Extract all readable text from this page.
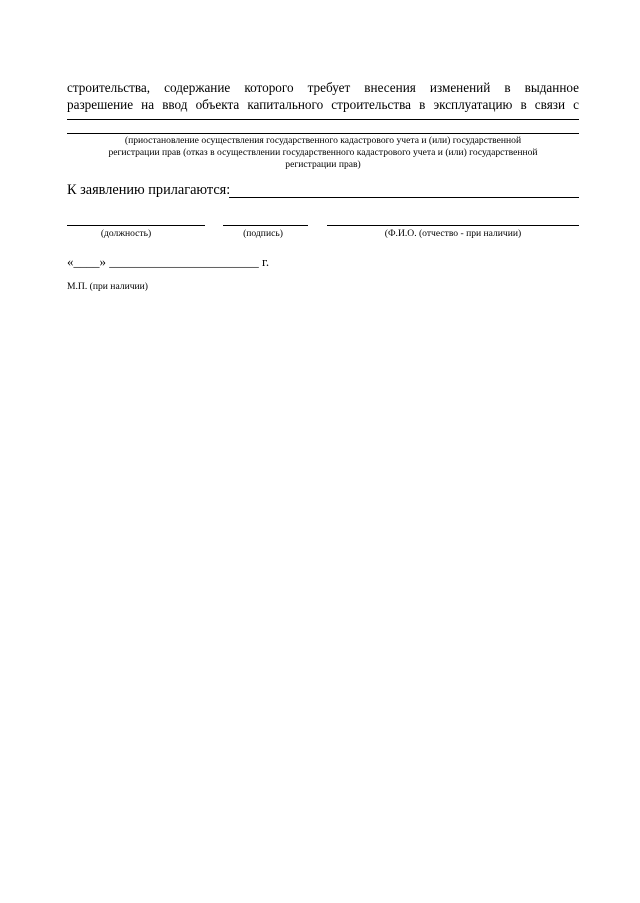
строительства, содержание которого требует внесения изменений в выданное
разрешение на ввод объекта капитального строительства в эксплуатацию в связи с
(приостановление осуществления государственного кадастрового учета и (или) государственной
регистрации прав (отказ в осуществлении государственного кадастрового учета и (или) государственной
регистрации прав)
К заявлению прилагаются:
(должность)	(подпись)	(Ф.И.О. (отчество - при наличии)
«____» _______________________ г.
М.П. (при наличии)
